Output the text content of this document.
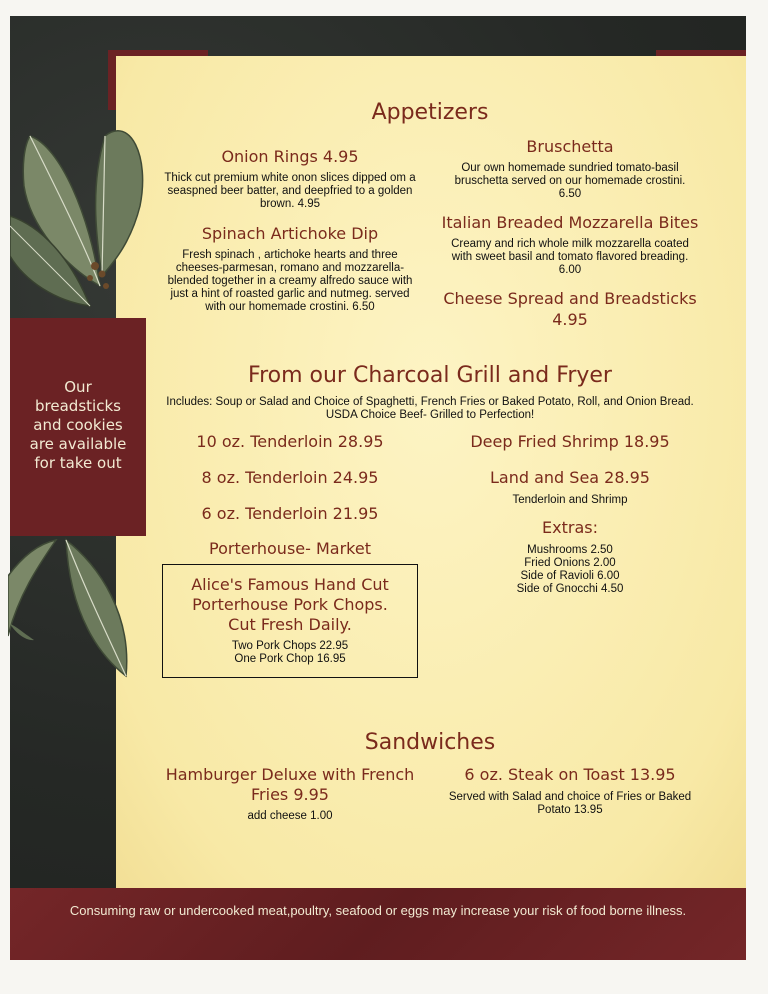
Our
breadsticks
and cookies
are available
for take out
Appetizers
Onion Rings 4.95
Thick cut premium white onon slices dipped om a
seaspned beer batter, and deepfried to a golden
brown. 4.95
Spinach Artichoke Dip
Fresh spinach , artichoke hearts and three
cheeses-parmesan, romano and mozzarella-
blended together in a creamy alfredo sauce with
just a hint of roasted garlic and nutmeg. served
with our homemade crostini. 6.50
Bruschetta
Our own homemade sundried tomato-basil
bruschetta served on our homemade crostini.
6.50
Italian Breaded Mozzarella Bites
Creamy and rich whole milk mozzarella coated
with sweet basil and tomato flavored breading.
6.00
Cheese Spread and Breadsticks
4.95
From our Charcoal Grill and Fryer
Includes: Soup or Salad and Choice of Spaghetti, French Fries or Baked Potato, Roll, and Onion Bread.
USDA Choice Beef- Grilled to Perfection!
10 oz. Tenderloin 28.95
8 oz. Tenderloin 24.95
6 oz. Tenderloin 21.95
Porterhouse- Market
Deep Fried Shrimp 18.95
Land and Sea 28.95
Tenderloin and Shrimp
Extras:
Mushrooms 2.50
Fried Onions 2.00
Side of Ravioli 6.00
Side of Gnocchi 4.50
Alice's Famous Hand Cut
Porterhouse Pork Chops.
Cut Fresh Daily.
Two Pork Chops 22.95
One Pork Chop 16.95
Sandwiches
Hamburger Deluxe with French
Fries 9.95
add cheese 1.00
6 oz. Steak on Toast 13.95
Served with Salad and choice of Fries or Baked
Potato 13.95
Consuming raw or undercooked meat,poultry, seafood or eggs may increase your risk of food borne illness.
